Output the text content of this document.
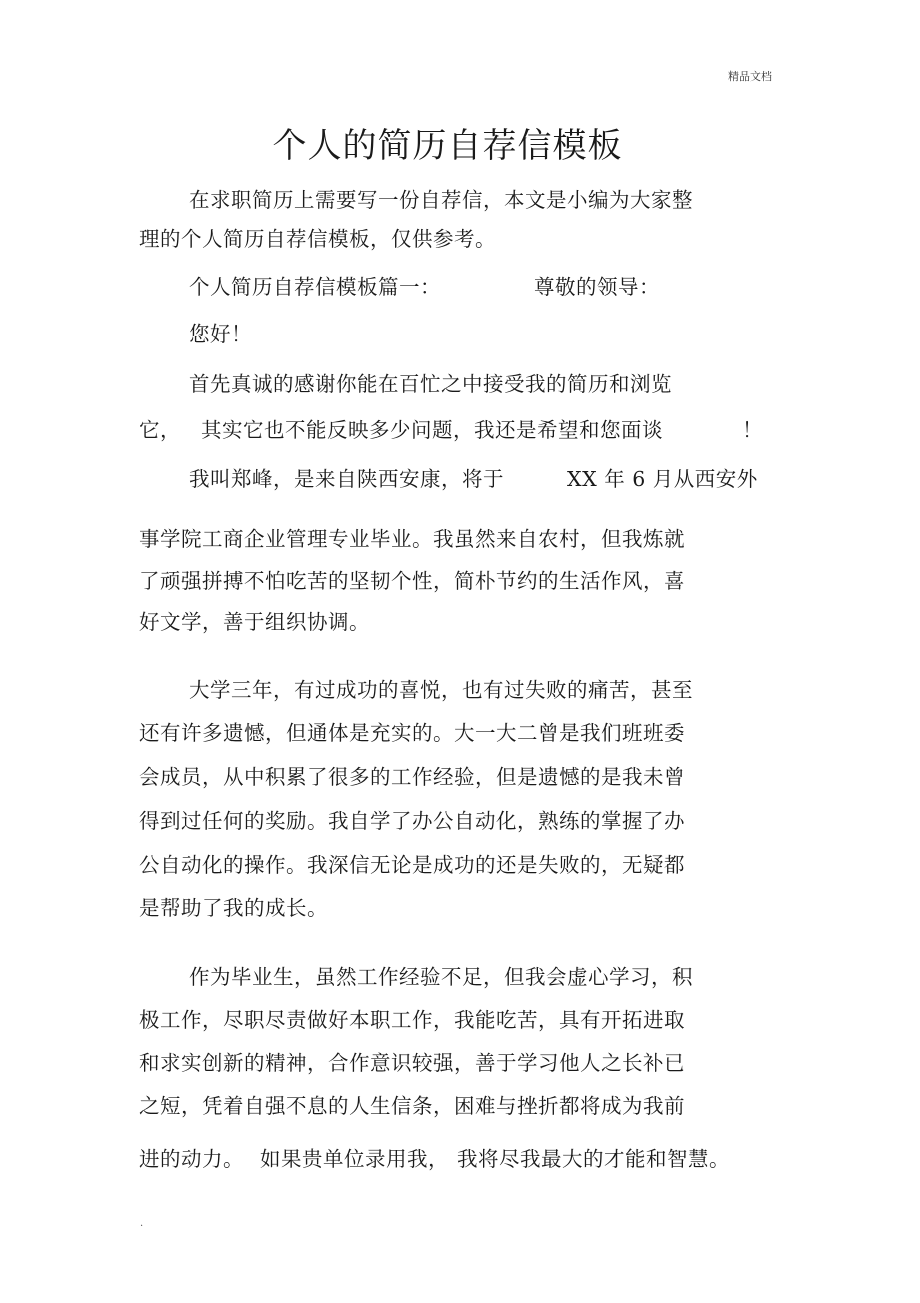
精品文档
个人的简历自荐信模板
在求职简历上需要写一份自荐信，本文是小编为大家整
理的个人简历自荐信模板，仅供参考。
个人简历自荐信模板篇一：	尊敬的领导：
您好！
首先真诚的感谢你能在百忙之中接受我的简历和浏览
它， 其实它也不能反映多少问题，我还是希望和您面谈	！
我叫郑峰，是来自陕西安康，将于	XX 年 6 月从西安外
事学院工商企业管理专业毕业。我虽然来自农村，但我炼就
了顽强拼搏不怕吃苦的坚韧个性，简朴节约的生活作风，喜
好文学，善于组织协调。
大学三年，有过成功的喜悦，也有过失败的痛苦，甚至
还有许多遗憾，但通体是充实的。大一大二曾是我们班班委
会成员，从中积累了很多的工作经验，但是遗憾的是我未曾
得到过任何的奖励。我自学了办公自动化，熟练的掌握了办
公自动化的操作。我深信无论是成功的还是失败的，无疑都
是帮助了我的成长。
作为毕业生，虽然工作经验不足，但我会虚心学习，积
极工作，尽职尽责做好本职工作，我能吃苦，具有开拓进取
和求实创新的精神，合作意识较强，善于学习他人之长补已
之短，凭着自强不息的人生信条，困难与挫折都将成为我前
进的动力。 如果贵单位录用我， 我将尽我最大的才能和智慧。
.
